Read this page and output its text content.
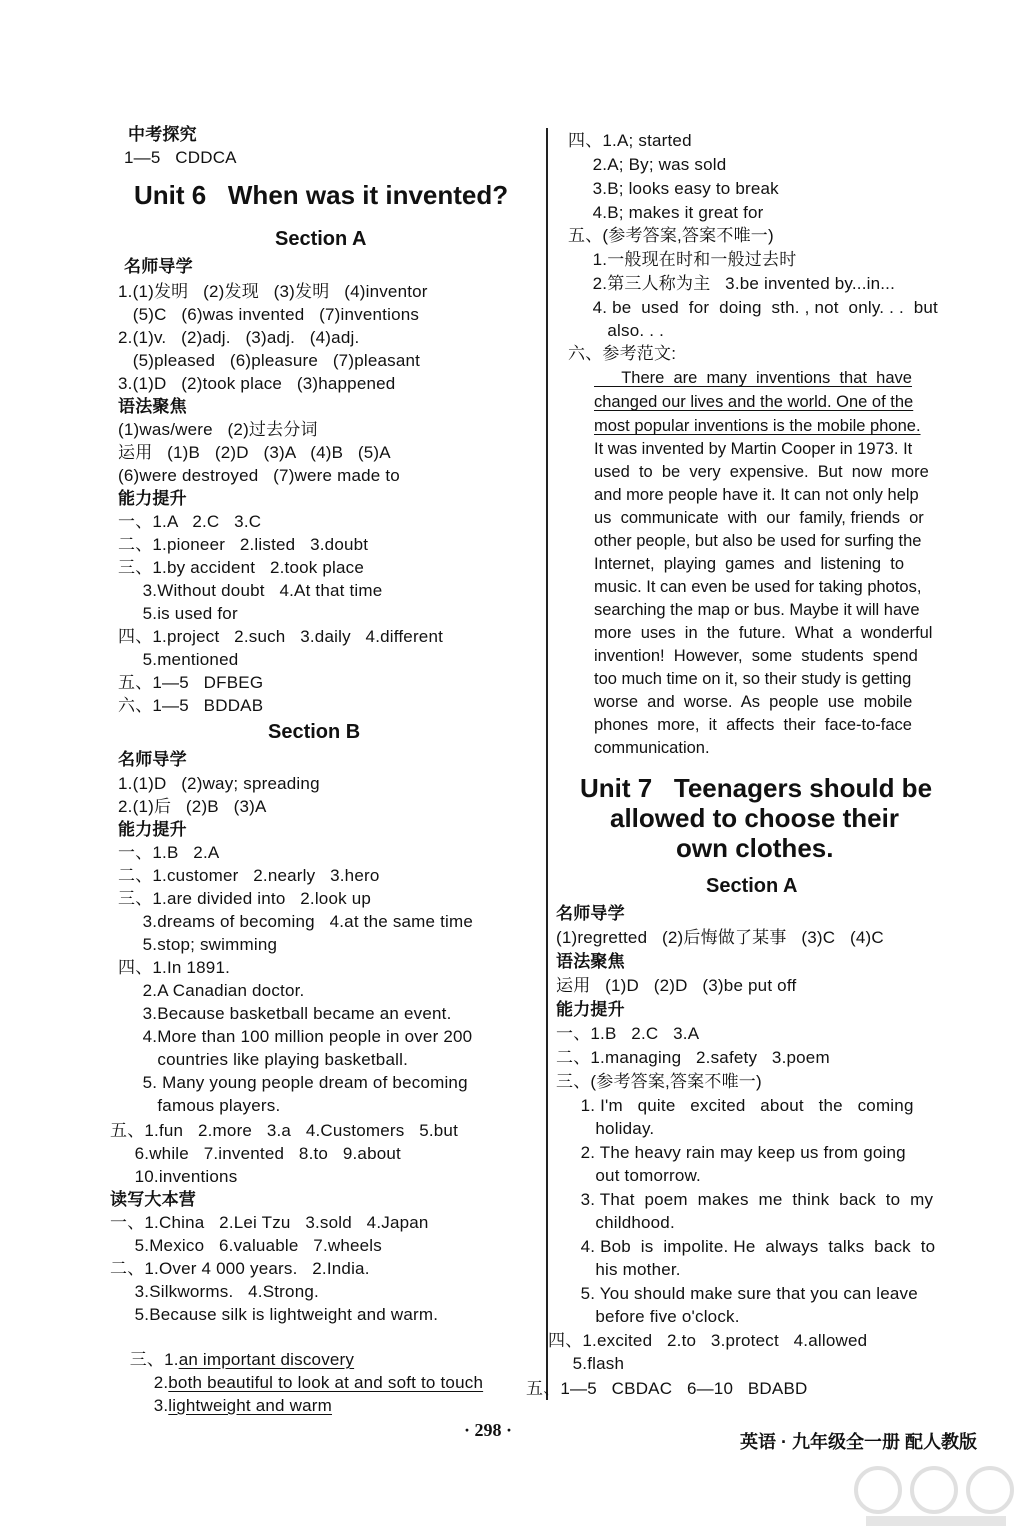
中考探究
1—5   CDDCA
Unit 6   When was it invented?
Section A
名师导学
1.(1)发明   (2)发现   (3)发明   (4)inventor
(5)C   (6)was invented   (7)inventions
2.(1)v.   (2)adj.   (3)adj.   (4)adj.
(5)pleased   (6)pleasure   (7)pleasant
3.(1)D   (2)took place   (3)happened
语法聚焦
(1)was/were   (2)过去分词
运用   (1)B   (2)D   (3)A   (4)B   (5)A
(6)were destroyed   (7)were made to
能力提升
一、1.A   2.C   3.C
二、1.pioneer   2.listed   3.doubt
三、1.by accident   2.took place
3.Without doubt   4.At that time
5.is used for
四、1.project   2.such   3.daily   4.different
5.mentioned
五、1—5   DFBEG
六、1—5   BDDAB
Section B
名师导学
1.(1)D   (2)way; spreading
2.(1)后   (2)B   (3)A
能力提升
一、1.B   2.A
二、1.customer   2.nearly   3.hero
三、1.are divided into   2.look up
3.dreams of becoming   4.at the same time
5.stop; swimming
四、1.In 1891.
2.A Canadian doctor.
3.Because basketball became an event.
4.More than 100 million people in over 200
countries like playing basketball.
5. Many young people dream of becoming
famous players.
五、1.fun   2.more   3.a   4.Customers   5.but
6.while   7.invented   8.to   9.about
10.inventions
读写大本营
一、1.China   2.Lei Tzu   3.sold   4.Japan
5.Mexico   6.valuable   7.wheels
二、1.Over 4 000 years.   2.India.
3.Silkworms.   4.Strong.
5.Because silk is lightweight and warm.

三、1.an important discovery

2.both beautiful to look at and soft to touch

3.lightweight and warm

四、1.A; started
2.A; By; was sold
3.B; looks easy to break
4.B; makes it great for
五、(参考答案,答案不唯一)
1.一般现在时和一般过去时
2.第三人称为主   3.be invented by...in...
4. be  used  for  doing  sth. , not  only. . .  but
also. . .
六、参考范文:
There  are  many  inventions  that  have
changed our lives and the world. One of the
most popular inventions is the mobile phone.
It was invented by Martin Cooper in 1973. It
used  to  be  very  expensive.  But  now  more
and more people have it. It can not only help
us  communicate  with  our  family, friends  or
other people, but also be used for surfing the
Internet,  playing  games  and  listening  to
music. It can even be used for taking photos,
searching the map or bus. Maybe it will have
more  uses  in  the  future.  What  a  wonderful
invention!  However,  some  students  spend
too much time on it, so their study is getting
worse  and  worse.  As  people  use  mobile
phones  more,  it  affects  their  face-to-face
communication.
Unit 7   Teenagers should be
allowed to choose their
own clothes.
Section A
名师导学
(1)regretted   (2)后悔做了某事   (3)C   (4)C
语法聚焦
运用   (1)D   (2)D   (3)be put off
能力提升
一、1.B   2.C   3.A
二、1.managing   2.safety   3.poem
三、(参考答案,答案不唯一)
1. I'm   quite   excited   about   the   coming
holiday.
2. The heavy rain may keep us from going
out tomorrow.
3. That  poem  makes  me  think  back  to  my
childhood.
4. Bob  is  impolite. He  always  talks  back  to
his mother.
5. You should make sure that you can leave
before five o'clock.
四、1.excited   2.to   3.protect   4.allowed
5.flash
五、1—5   CBDAC   6—10   BDABD
· 298 ·
英语 · 九年级全一册 配人教版
